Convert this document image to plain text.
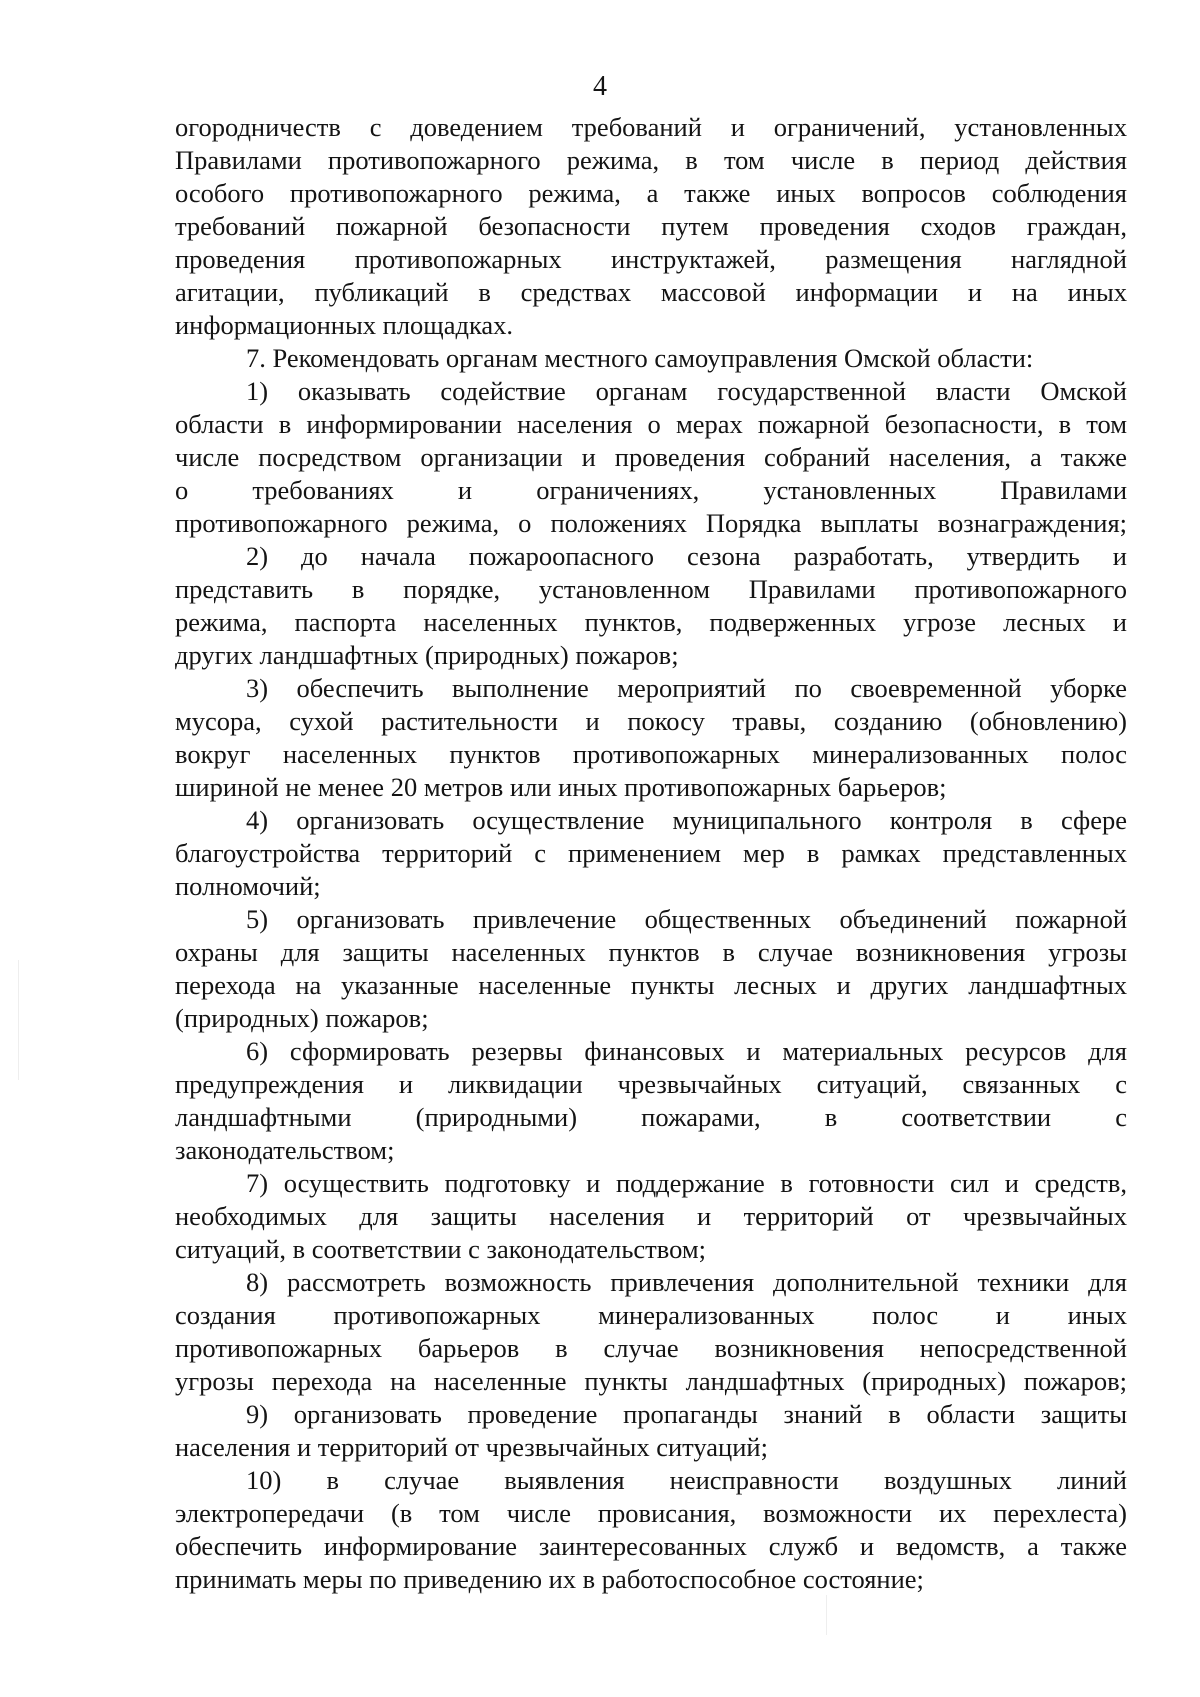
4

огородничеств с доведением требований и ограничений, установленных

Правилами противопожарного режима, в том числе в период действия

особого противопожарного режима, а также иных вопросов соблюдения

требований пожарной безопасности путем проведения сходов граждан,

проведения противопожарных инструктажей, размещения наглядной

агитации, публикаций в средствах массовой информации и на иных

информационных площадках.

7. Рекомендовать органам местного самоуправления Омской области:

1) оказывать содействие органам государственной власти Омской

области в информировании населения о мерах пожарной безопасности, в том

числе посредством организации и проведения собраний населения, а также

о требованиях и ограничениях, установленных Правилами

противопожарного режима, о положениях Порядка выплаты вознаграждения;

2) до начала пожароопасного сезона разработать, утвердить и

представить в порядке, установленном Правилами противопожарного

режима, паспорта населенных пунктов, подверженных угрозе лесных и

других ландшафтных (природных) пожаров;

3) обеспечить выполнение мероприятий по своевременной уборке

мусора, сухой растительности и покосу травы, созданию (обновлению)

вокруг населенных пунктов противопожарных минерализованных полос

шириной не менее 20 метров или иных противопожарных барьеров;

4) организовать осуществление муниципального контроля в сфере

благоустройства территорий с применением мер в рамках представленных

полномочий;

5) организовать привлечение общественных объединений пожарной

охраны для защиты населенных пунктов в случае возникновения угрозы

перехода на указанные населенные пункты лесных и других ландшафтных

(природных) пожаров;

6) сформировать резервы финансовых и материальных ресурсов для

предупреждения и ликвидации чрезвычайных ситуаций, связанных с

ландшафтными (природными) пожарами, в соответствии с

законодательством;

7) осуществить подготовку и поддержание в готовности сил и средств,

необходимых для защиты населения и территорий от чрезвычайных

ситуаций, в соответствии с законодательством;

8) рассмотреть возможность привлечения дополнительной техники для

создания противопожарных минерализованных полос и иных

противопожарных барьеров в случае возникновения непосредственной

угрозы перехода на населенные пункты ландшафтных (природных) пожаров;

9) организовать проведение пропаганды знаний в области защиты

населения и территорий от чрезвычайных ситуаций;

10) в случае выявления неисправности воздушных линий

электропередачи (в том числе провисания, возможности их перехлеста)

обеспечить информирование заинтересованных служб и ведомств, а также

принимать меры по приведению их в работоспособное состояние;
